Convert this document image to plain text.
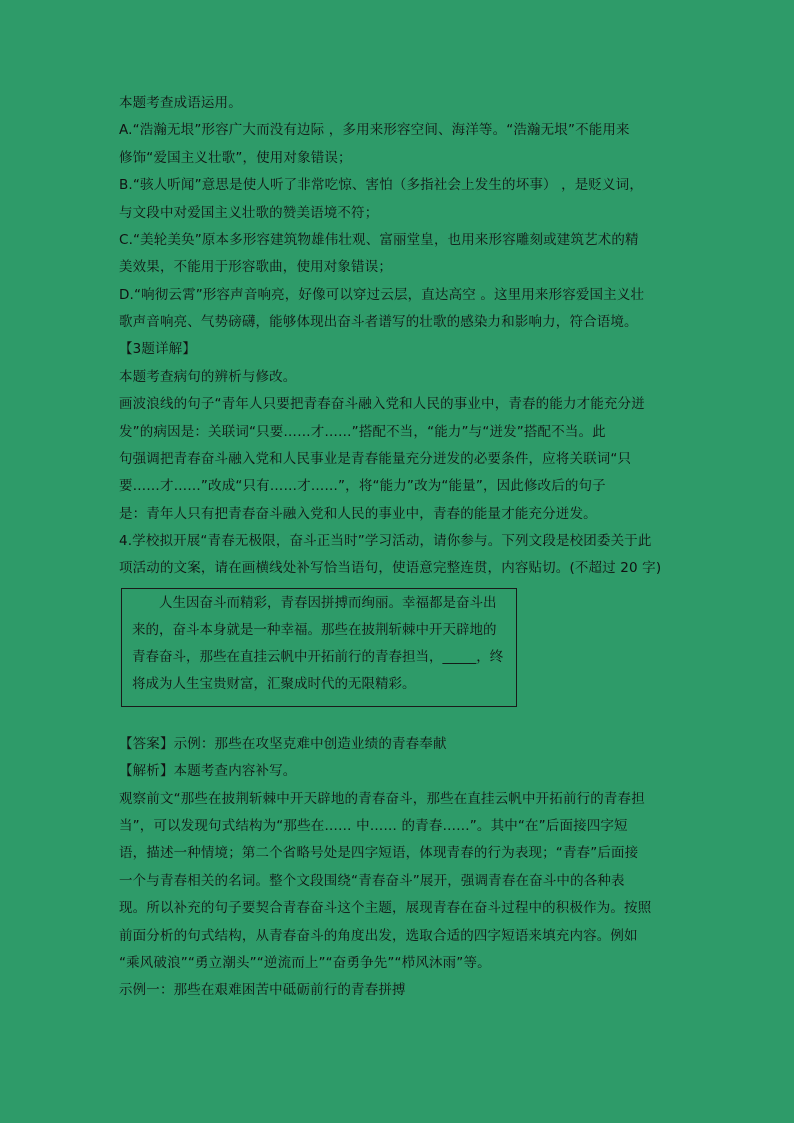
本题考查成语运用。
A.“浩瀚无垠”形容广大而没有边际 ，多用来形容空间、海洋等。“浩瀚无垠”不能用来
修饰“爱国主义壮歌”，使用对象错误；
B.“骇人听闻”意思是使人听了非常吃惊、害怕（多指社会上发生的坏事） ，是贬义词，
与文段中对爱国主义壮歌的赞美语境不符；
C.“美轮美奂”原本多形容建筑物雄伟壮观、富丽堂皇，也用来形容雕刻或建筑艺术的精
美效果，不能用于形容歌曲，使用对象错误；
D.“响彻云霄”形容声音响亮，好像可以穿过云层，直达高空 。这里用来形容爱国主义壮
歌声音响亮、气势磅礴，能够体现出奋斗者谱写的壮歌的感染力和影响力，符合语境。
【3题详解】
本题考查病句的辨析与修改。
画波浪线的句子“青年人只要把青春奋斗融入党和人民的事业中，青春的能力才能充分迸
发”的病因是：关联词“只要……才……”搭配不当，“能力”与“迸发”搭配不当。此
句强调把青春奋斗融入党和人民事业是青春能量充分迸发的必要条件，应将关联词“只
要……才……”改成“只有……才……”，将“能力”改为“能量”，因此修改后的句子
是：青年人只有把青春奋斗融入党和人民的事业中，青春的能量才能充分迸发。
4.学校拟开展“青春无极限，奋斗正当时”学习活动，请你参与。下列文段是校团委关于此
项活动的文案，请在画横线处补写恰当语句，使语意完整连贯，内容贴切。(不超过 20 字)
人生因奋斗而精彩，青春因拼搏而绚丽。幸福都是奋斗出
来的，奋斗本身就是一种幸福。那些在披荆斩棘中开天辟地的
青春奋斗，那些在直挂云帆中开拓前行的青春担当，_____，终
将成为人生宝贵财富，汇聚成时代的无限精彩。
【答案】示例：那些在攻坚克难中创造业绩的青春奉献
【解析】本题考查内容补写。
观察前文“那些在披荆斩棘中开天辟地的青春奋斗，那些在直挂云帆中开拓前行的青春担
当”，可以发现句式结构为“那些在…… 中…… 的青春……”。其中“在”后面接四字短
语，描述一种情境；第二个省略号处是四字短语，体现青春的行为表现；“青春”后面接
一个与青春相关的名词。整个文段围绕“青春奋斗”展开，强调青春在奋斗中的各种表
现。所以补充的句子要契合青春奋斗这个主题，展现青春在奋斗过程中的积极作为。按照
前面分析的句式结构，从青春奋斗的角度出发，选取合适的四字短语来填充内容。例如
“乘风破浪”“勇立潮头”“逆流而上”“奋勇争先”“栉风沐雨”等。
示例一：那些在艰难困苦中砥砺前行的青春拼搏
